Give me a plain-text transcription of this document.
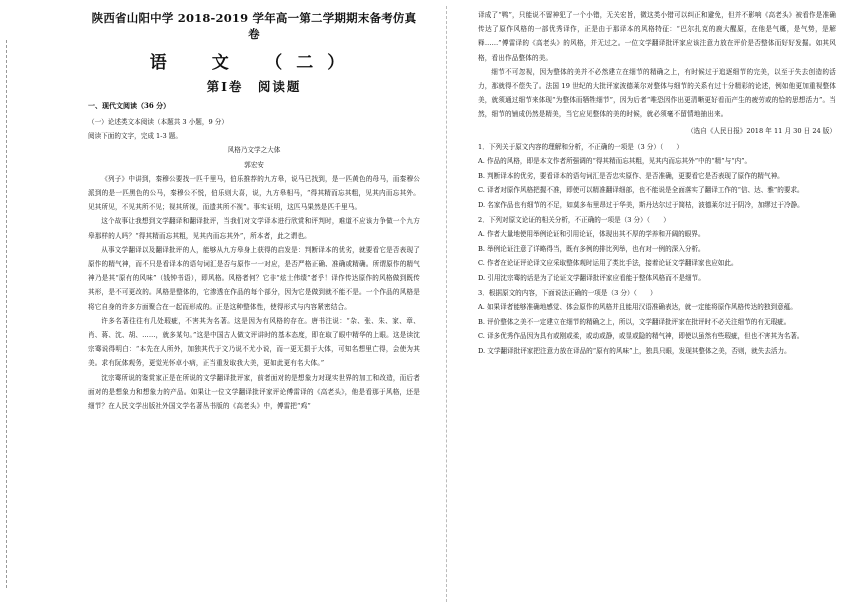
陕西省山阳中学 2018-2019 学年高一第二学期期末备考仿真卷
语　文　（二）
第Ⅰ卷　阅读题
一、现代文阅读（36 分）

（一）论述类文本阅读（本题共 3 小题，9 分）

阅读下面的文字，完成 1-3 题。

风格乃文学之大体

郭宏安

《列子》中讲到，秦穆公要找一匹千里马，伯乐推荐的九方皋，说马已找到，是一匹黄色的母马，而秦穆公派到的是一匹黑色的公马，秦穆公不悦，伯乐则大喜，说，九方皋相马，“得其精而忘其粗，见其内而忘其外。见其所见，不见其所不见；视其所视，而遗其所不视”。事实证明，这匹马果然是匹千里马。

这个故事让我想到文学翻译和翻译批评，当我们对文学译本进行欣赏和评判时，难道不应该力争做一个九方皋那样的人吗？“得其精而忘其粗，见其内而忘其外”，所本者，此之谓也。

从事文学翻译以及翻译批评的人，能够从九方皋身上获得的启发是：判断译本的优劣，就要看它是否表现了原作的精气神，而不只是看译本的语句词汇是否与原作一一对应，是否严格正确、准确或精确。所谓原作的精气神乃是其“原有的风味”（钱钟书语），即风格。风格者何？它非“炫士伟绩”者乎！译作传达原作的风格做到既传其形，是不可更改的。风格是整体的，它渗透在作品的每个部分，因为它是做到就不能不是。一个作品的风格是将它自身的许多方面聚合在一起而形成的。正是这种整体性，使得形式与内容紧密结合。

许多名著往往有几处瑕疵，不害其为名著。这是因为有风格的存在。唐书注说：“杂、张、朱、家、章、肖、蒋、沈、胡、……，就多某句。”这是中国古人做文评讲时的基本态度，即在取了眼中精华的上眼。这是读沈宗骞说得明白：“本先在人所外，加独其代于文乃说不尤小说，而一更无损于大体，可知名想里亡得，会使为其美。求有阮体观务，更觉光怀卓小病，正当重发取我大美，更如此更有名大体。”

沈宗骞所说的鉴赏家正是在所说的文学翻译批评家，前者面对的是想象力对现实世界的加工和改造，而后者面对的是想象力和想象力的产品。如果让一位文学翻译批评家评论傅雷译的《高老头》，他是看那于风格，还是细节？在人民文学出版社外国文学名著丛书版的《高老头》中，傅雷把“鸡”

译成了“鸭”，只能说不留神犯了一个小错，无关宏旨，微这类小错可以纠正和避免，但并不影响《高老头》被看作是准确传达了原作风格的一部优秀译作，正是由于那译本的风格特征：“巴尔扎克的鹿大醒原，在他是气概，是气势，是解释……”傅雷译的《高老头》的风格，并无过之。一位文学翻译批评家应该注意力放在评价是否整体而好好发掘。如其风格，看出作品整体的美。

细节不可忽视，因为整体的美并不必然建立在细节的精确之上，有时候过于追逐细节的完美，以至于失去创造的活力，那就得不偿失了。法国 19 世纪的大批评家波德莱尔对整体与细节的关系有过十分精彩的论述，例如他更加重视整体美，就须通过细节来体现“为整体而牺牲细节”，因为后者“唯恐因作出更清晰更好看而产生的疲劳或的恰的思想活力”。当然，细节的铺成仍然是精美，当它应见整体的美的时候，就必须毫不留情地抽出来。

（选自《人民日报》2018 年 11 月 30 日 24 版）

1．下列关于原文内容的理解和分析，不正确的一项是（3 分）（　　）

A. 作品的风格，即是本文作者所强调的“得其精而忘其粗，见其内而忘其外”中的“精”与“内”。

B. 判断译本的优劣，要看译本的语句词汇是否忠实原作、是否准确，更要看它是否表现了原作的精气神。

C. 译者对原作风格把握不准，即使可以精准翻译细部，也不能说是全面落实了翻译工作的“信、达、雅”的要求。

D. 名家作品也有细节的不足，如莫多布里昂过于华美，斯丹达尔过于简枯，波德莱尔过于阴冷，加缪过于冷静。

2．下列对原文论证的相关分析，不正确的一项是（3 分）（　　）

A. 作者大量地使用举例论证和引用论证，体现出其不厚的学养和开阔的眼界。

B. 举例论证注意了详略得当，既有多例的排比列举，也有对一例的深入分析。

C. 作者在论证评论译文应采取整体观时运用了类比手法，接着论证文学翻译家也应如此。

D. 引用沈宗骞的话是为了论证文学翻译批评家应看能于整体风格而不是细节。

3．根据原文的内容，下面说法正确的一项是（3 分）（　　）

A. 如果译者能够准确地感觉、体会原作的风格并且能用汉语准确表达，就一定能将原作风格传达的独到意蕴。

B. 评价整体之美不一定建立在细节的精确之上，所以，文学翻译批评家在批评时不必关注细节的有无瑕疵。

C. 译多优秀作品因为具有或刚或柔，或动或静，或显或隐的精气神，即使以虽然有些瑕疵，但也不害其为名著。

D. 文学翻译批评家把注意力放在译品的“原有的风味”上，独具只眼，发现其整体之美，否则，就失去活力。
